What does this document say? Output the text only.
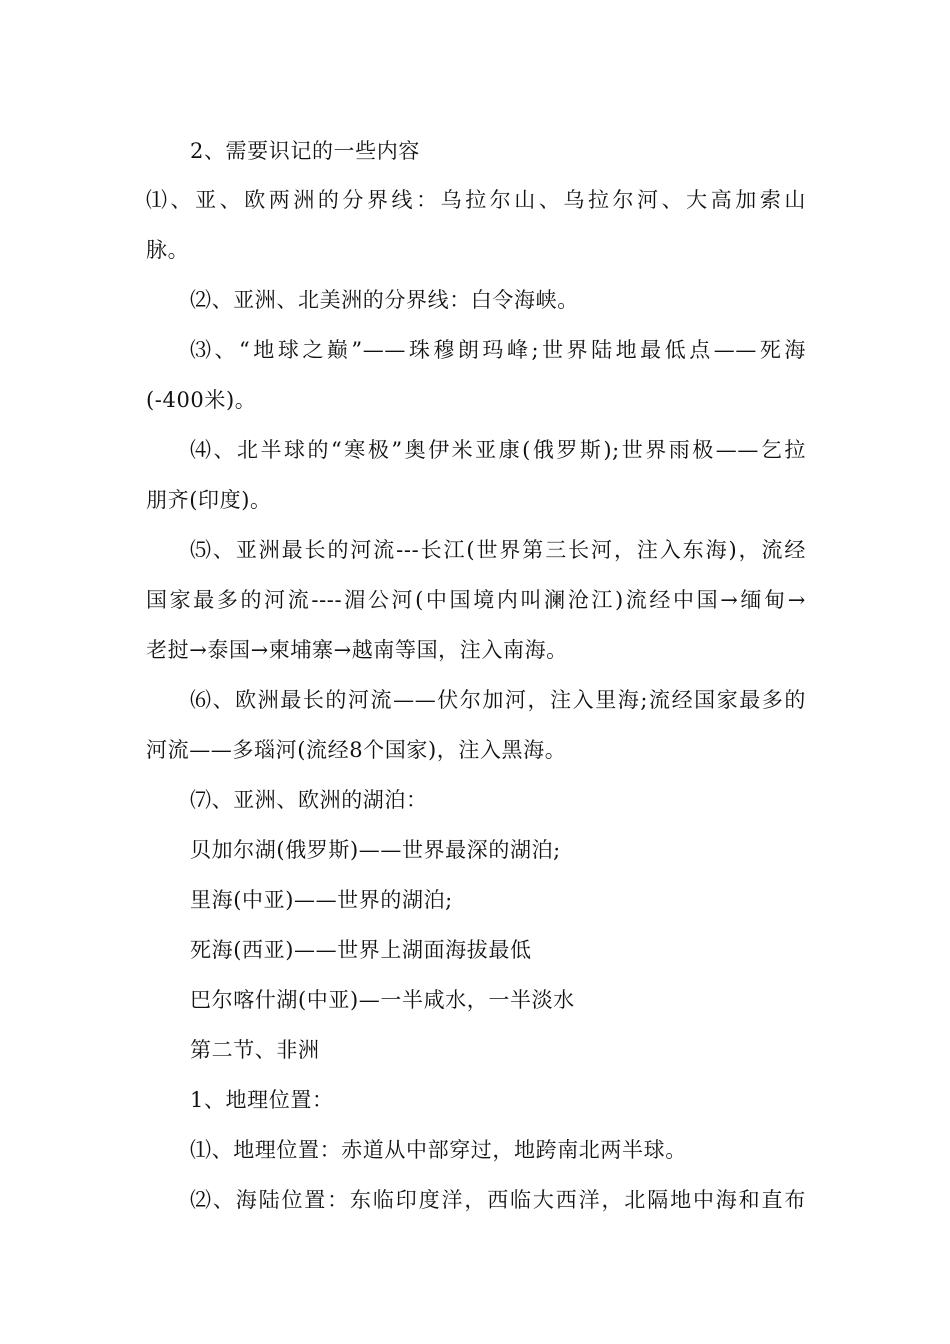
2、需要识记的一些内容
⑴、亚、欧两洲的分界线：乌拉尔山、乌拉尔河、大高加索山
脉。
⑵、亚洲、北美洲的分界线：白令海峡。
⑶、“地球之巅”——珠穆朗玛峰;世界陆地最低点——死海
(-400米)。
⑷、北半球的“寒极”奥伊米亚康(俄罗斯);世界雨极——乞拉
朋齐(印度)。
⑸、亚洲最长的河流---长江(世界第三长河，注入东海)，流经
国家最多的河流----湄公河(中国境内叫澜沧江)流经中国→缅甸→
老挝→泰国→柬埔寨→越南等国，注入南海。
⑹、欧洲最长的河流——伏尔加河，注入里海;流经国家最多的
河流——多瑙河(流经8个国家)，注入黑海。
⑺、亚洲、欧洲的湖泊：
贝加尔湖(俄罗斯)——世界最深的湖泊;
里海(中亚)——世界的湖泊;
死海(西亚)——世界上湖面海拔最低
巴尔喀什湖(中亚)—一半咸水，一半淡水
第二节、非洲
1、地理位置：
⑴、地理位置：赤道从中部穿过，地跨南北两半球。
⑵、海陆位置：东临印度洋，西临大西洋，北隔地中海和直布
